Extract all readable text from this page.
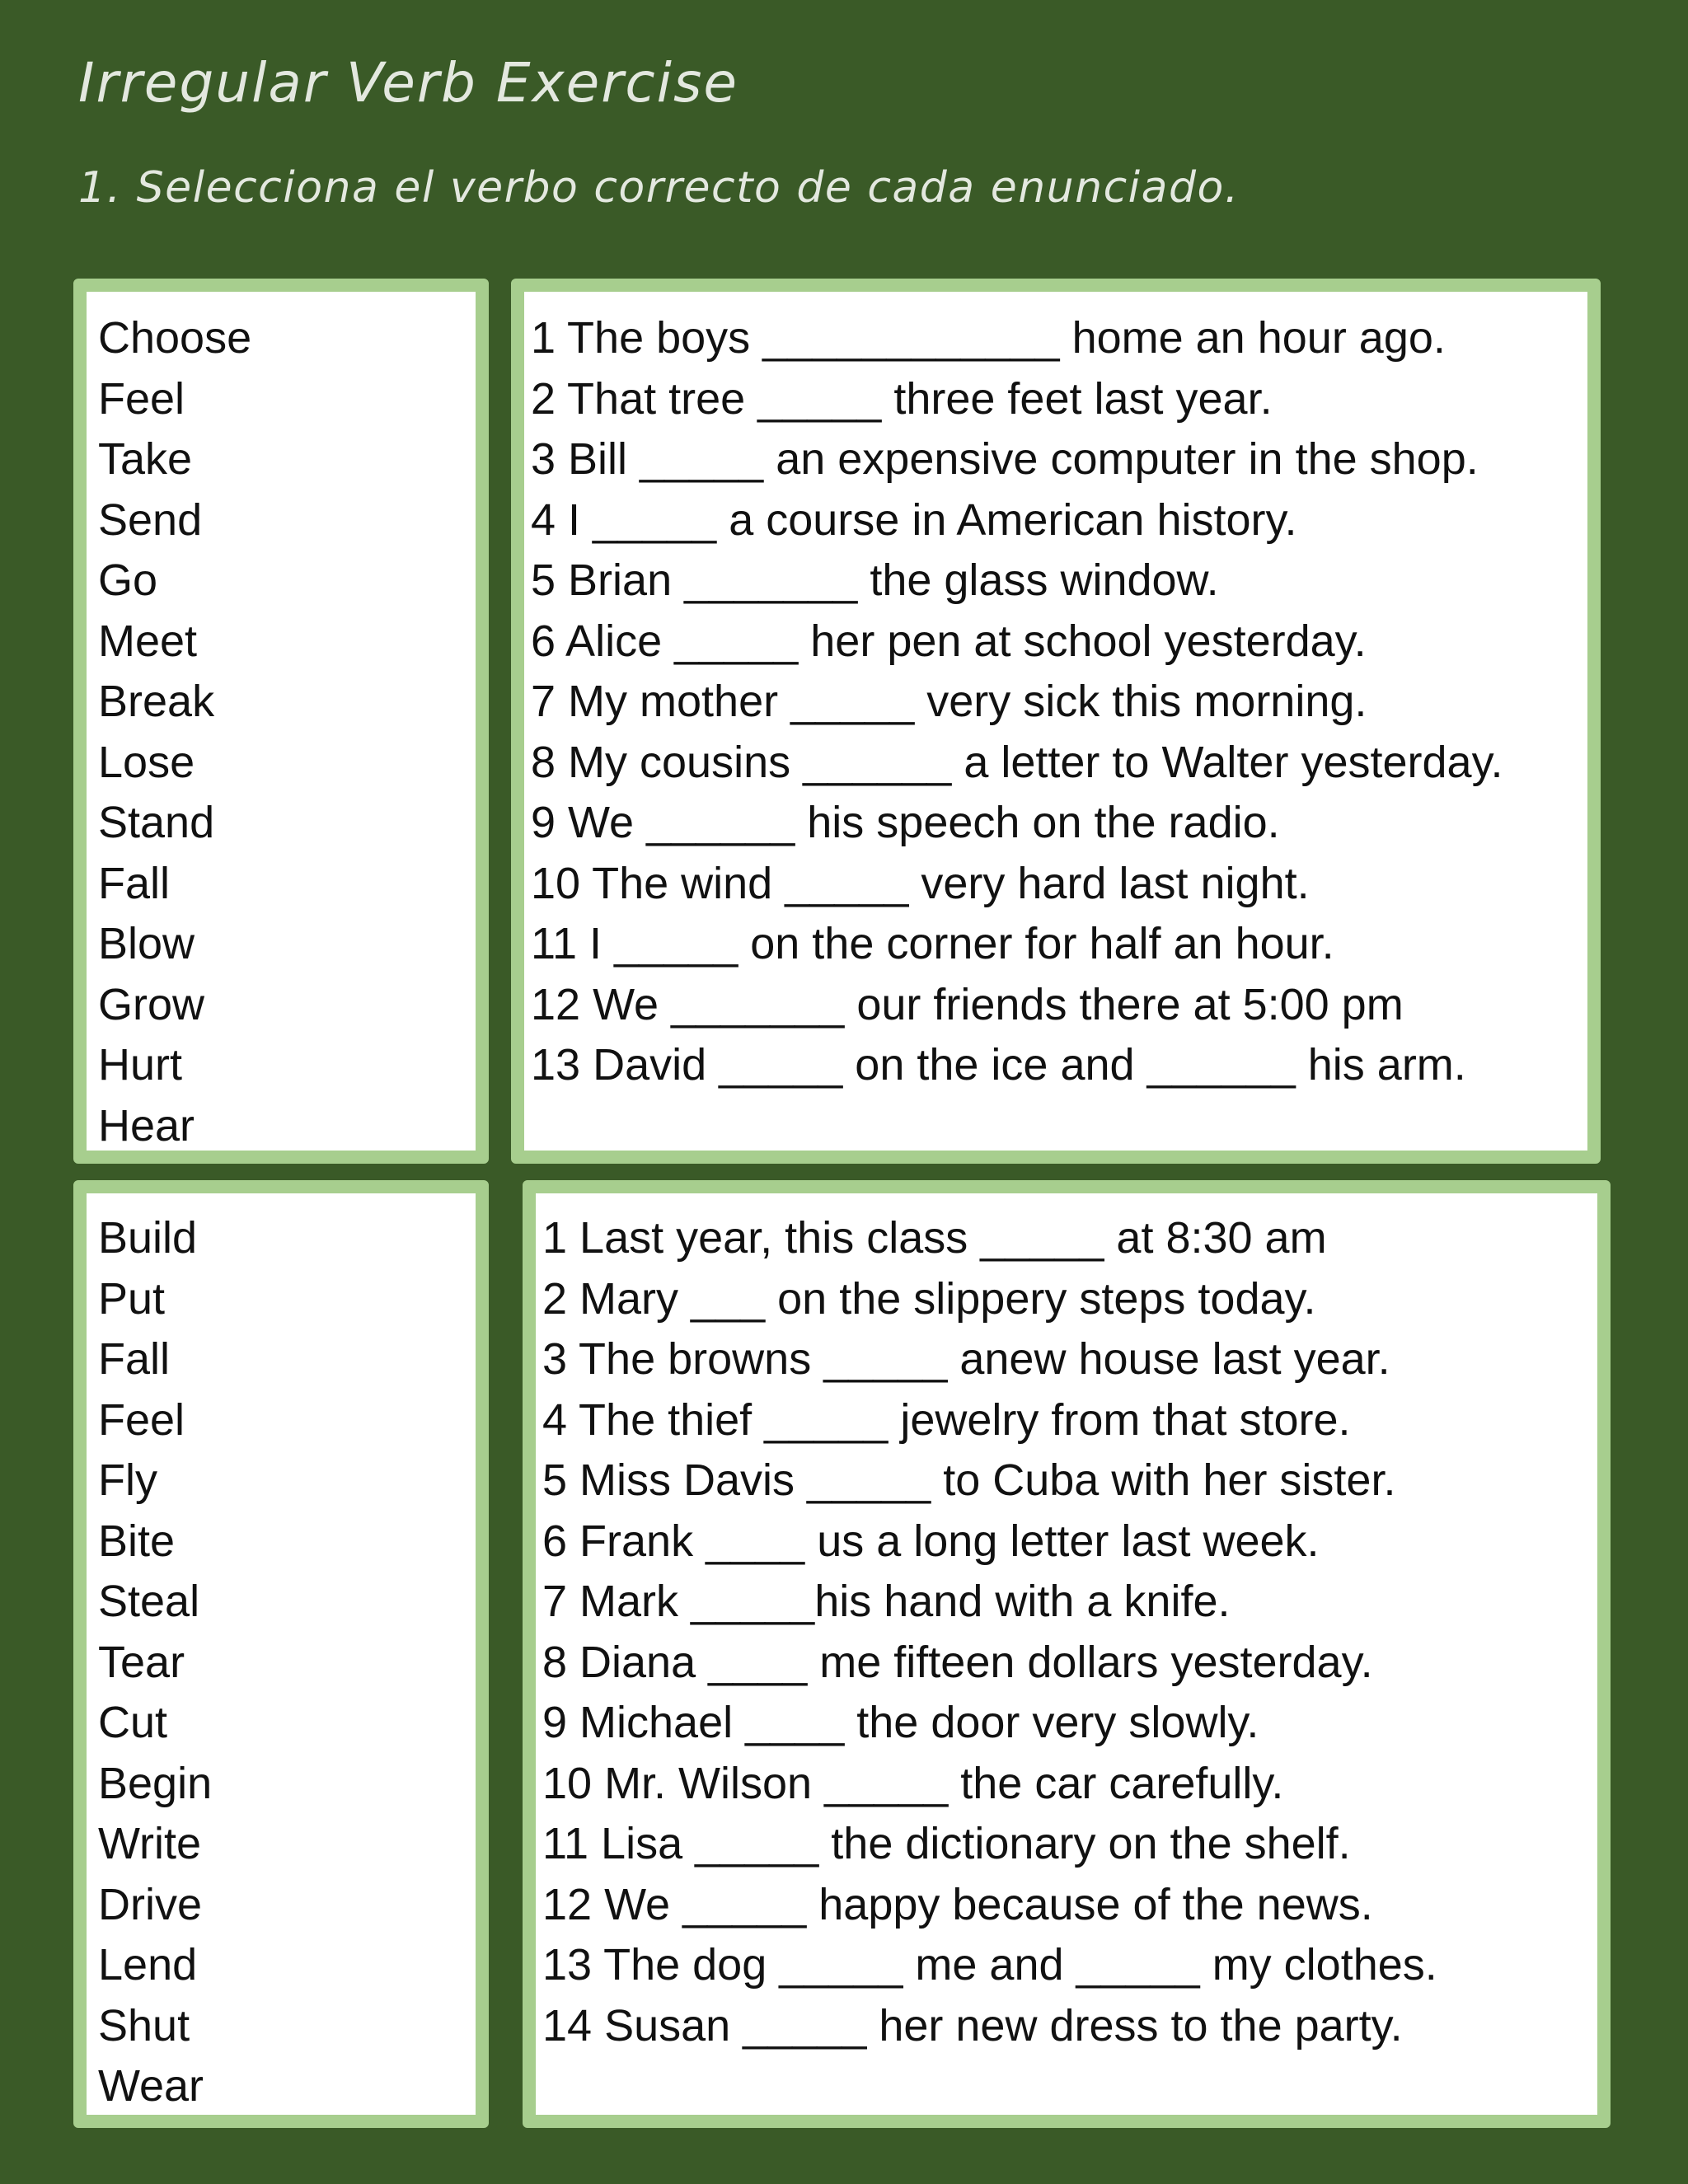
Irregular Verb Exercise
1. Selecciona el verbo correcto de cada enunciado.
Choose
Feel
Take
Send
Go
Meet
Break
Lose
Stand
Fall
Blow
Grow
Hurt
Hear
1 The boys ____________ home an hour ago.
2 That tree _____ three feet last year.
3 Bill _____ an expensive computer in the shop.
4 I _____ a course in American history.
5 Brian _______ the glass window.
6 Alice _____ her pen at school yesterday.
7 My mother _____ very sick this morning.
8 My cousins ______ a letter to Walter yesterday.
9 We ______ his speech on the radio.
10 The wind _____ very hard last night.
11 I _____ on the corner for half an hour.
12 We _______ our friends there at 5:00 pm
13 David _____ on the ice and ______ his arm.
Build
Put
Fall
Feel
Fly
Bite
Steal
Tear
Cut
Begin
Write
Drive
Lend
Shut
Wear
1 Last year, this class _____ at 8:30 am
2 Mary ___ on the slippery steps today.
3 The browns _____ anew house last year.
4 The thief _____ jewelry from that store.
5 Miss Davis _____ to Cuba with her sister.
6 Frank ____ us a long letter last week.
7 Mark _____his hand with a knife.
8 Diana ____ me fifteen dollars yesterday.
9 Michael ____ the door very slowly.
10 Mr. Wilson _____ the car carefully.
11 Lisa _____ the dictionary on the shelf.
12 We _____ happy because of the news.
13 The dog _____ me and _____ my clothes.
14 Susan _____ her new dress to the party.
